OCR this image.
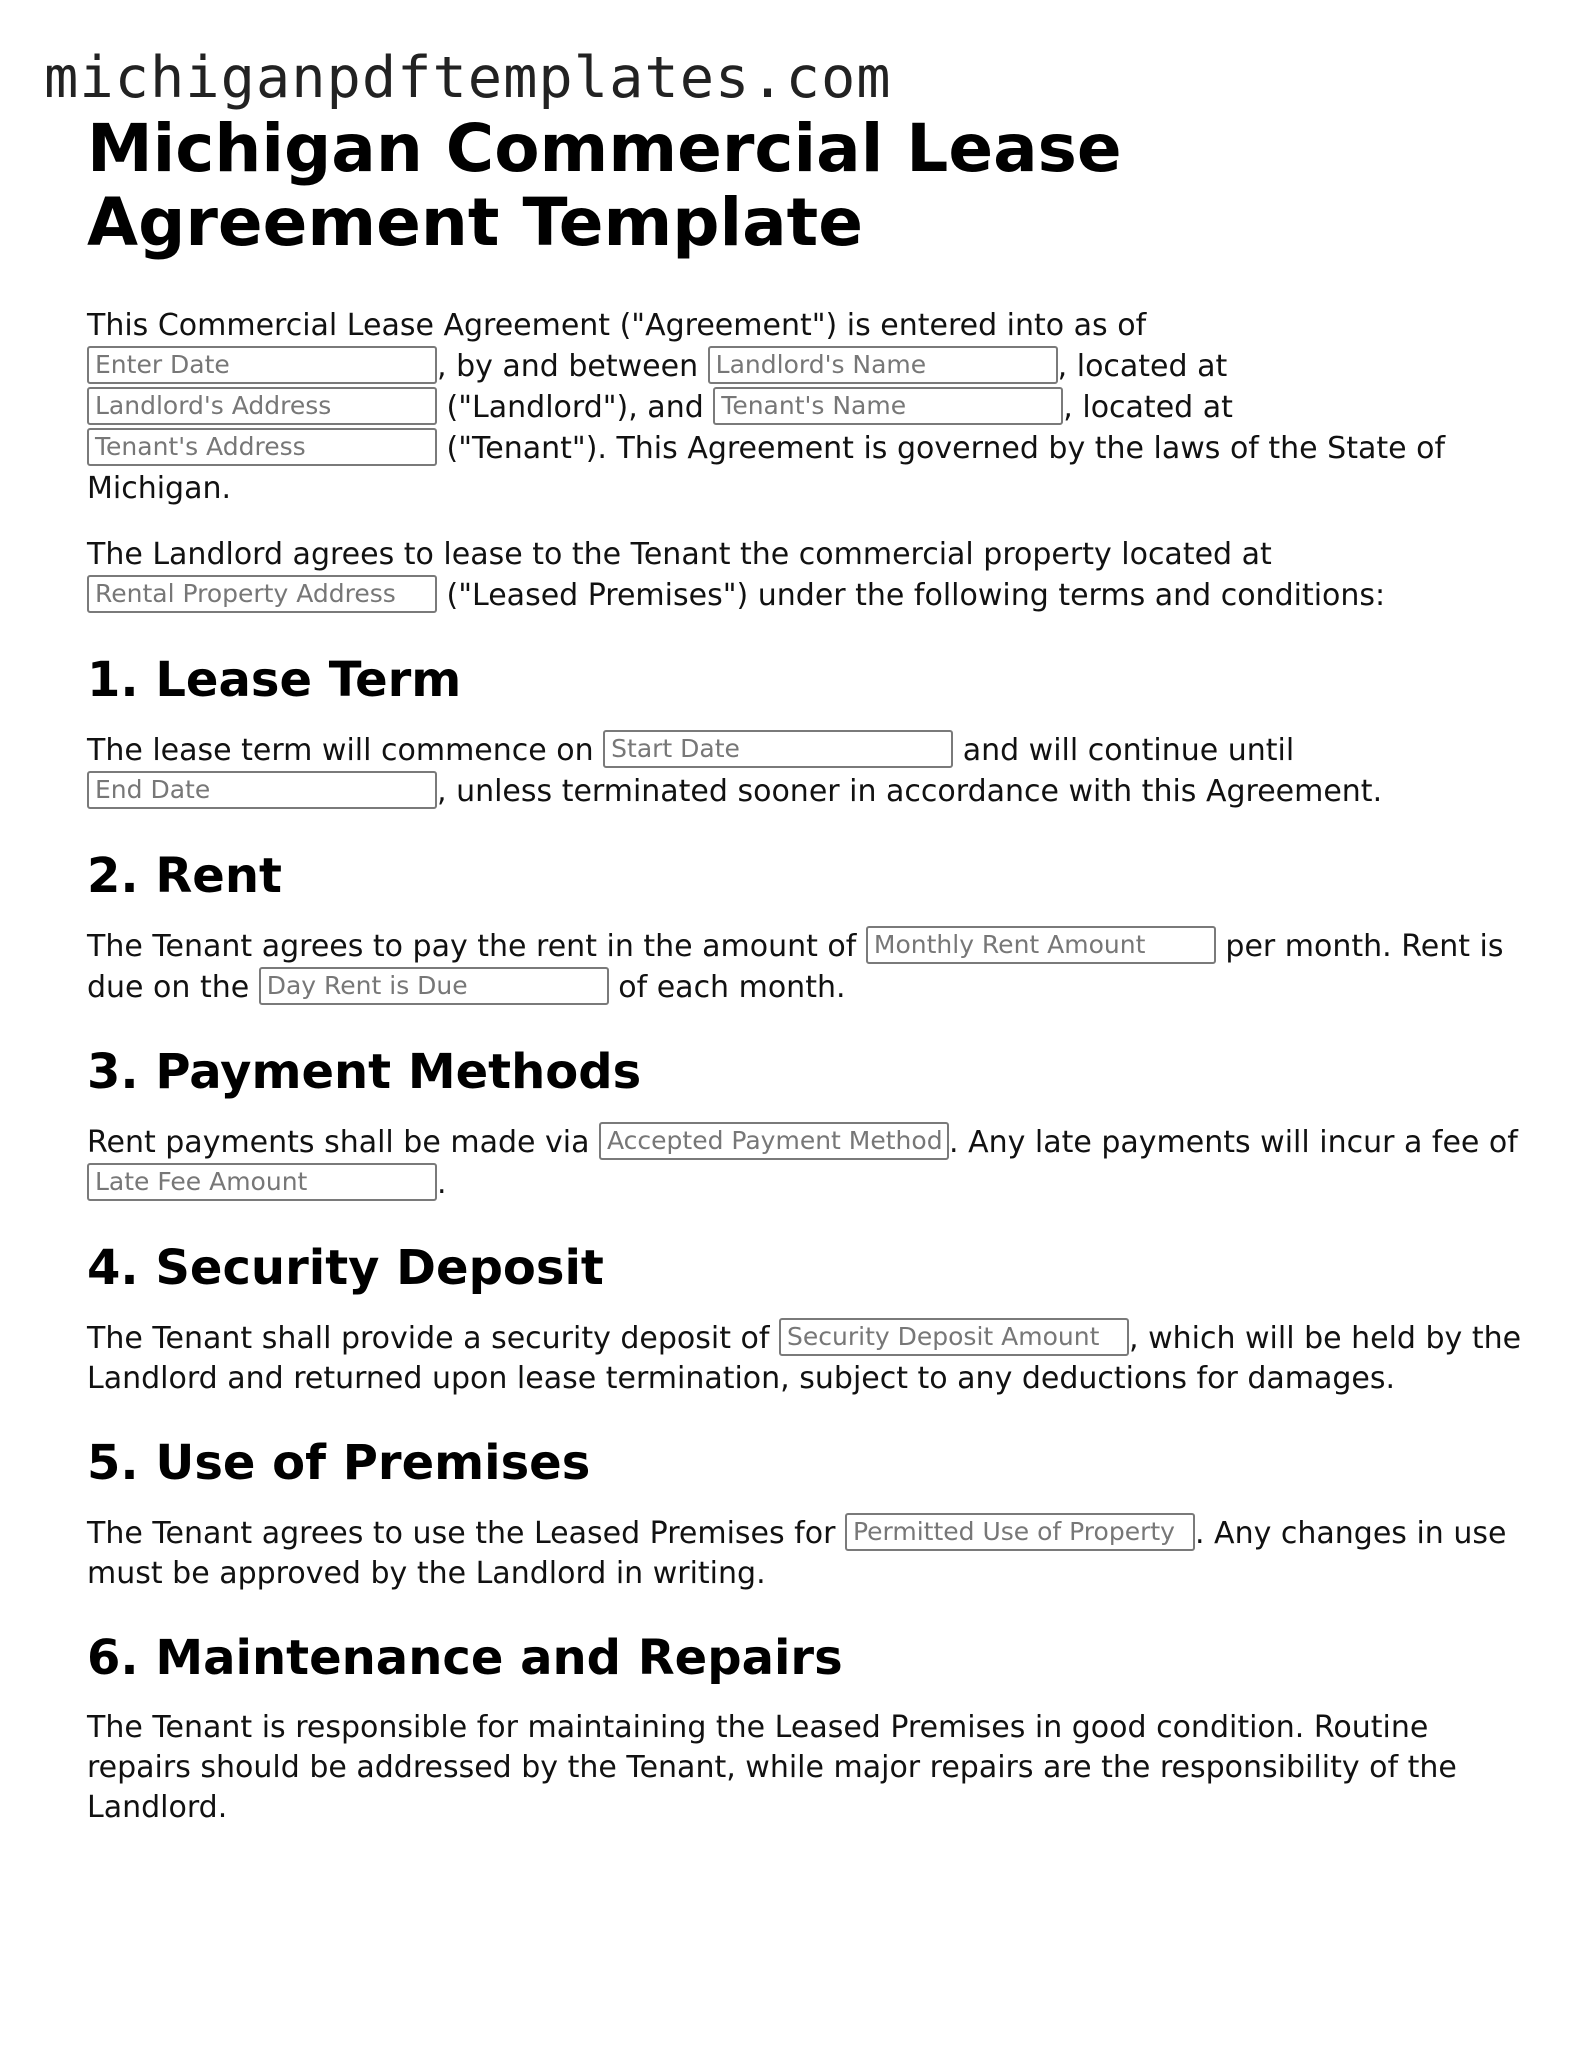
michiganpdftemplates.com
Michigan Commercial Lease Agreement Template

This Commercial Lease Agreement ("Agreement") is entered into as of
Enter Date	, by and between Landlord's Name	, located at
Landlord's Address	("Landlord"), and Tenant's Name	, located at
Tenant's Address	("Tenant"). This Agreement is governed by the laws of the State of Michigan.

The Landlord agrees to lease to the Tenant the commercial property located at
Rental Property Address ("Leased Premises") under the following terms and conditions:

1. Lease Term

The lease term will commence on Start Date	and will continue until
End Date	, unless terminated sooner in accordance with this Agreement.

2. Rent

The Tenant agrees to pay the rent in the amount of Monthly Rent Amount per month. Rent is due on the Day Rent is Due	of each month.

3. Payment Methods

Rent payments shall be made via Accepted Payment Method . Any late payments will incur a fee of Late Fee Amount	.

4. Security Deposit

The Tenant shall provide a security deposit of Security Deposit Amount , which will be held by the Landlord and returned upon lease termination, subject to any deductions for damages.

5. Use of Premises

The Tenant agrees to use the Leased Premises for Permitted Use of Property . Any changes in use must be approved by the Landlord in writing.

6. Maintenance and Repairs

The Tenant is responsible for maintaining the Leased Premises in good condition. Routine repairs should be addressed by the Tenant, while major repairs are the responsibility of the Landlord.
